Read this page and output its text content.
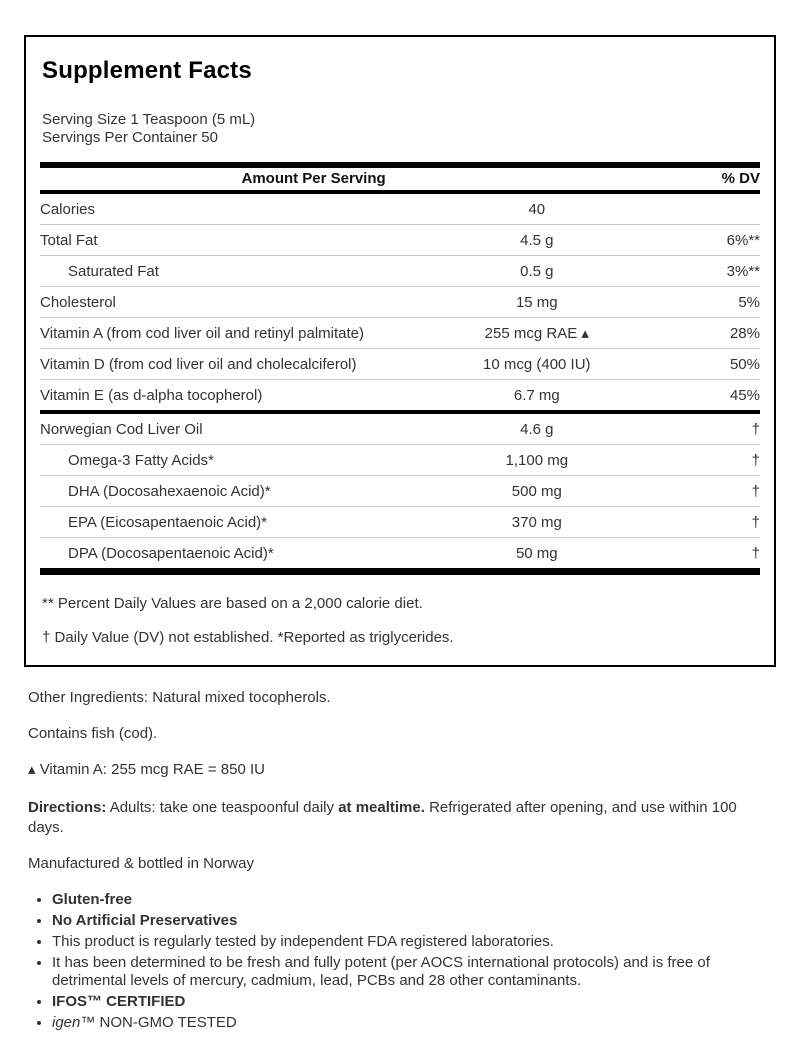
Supplement Facts

Serving Size 1 Teaspoon (5 mL)

Servings Per Container 50

Amount Per Serving	% DV
Calories	40
Total Fat	4.5 g	6%**
Saturated Fat	0.5 g	3%**
Cholesterol	15 mg	5%
Vitamin A (from cod liver oil and retinyl palmitate)	255 mcg RAE ▴	28%
Vitamin D (from cod liver oil and cholecalciferol)	10 mcg (400 IU)	50%
Vitamin E (as d-alpha tocopherol)	6.7 mg	45%
Norwegian Cod Liver Oil	4.6 g	†
Omega-3 Fatty Acids*	1,100 mg	†
DHA (Docosahexaenoic Acid)*	500 mg	†
EPA (Eicosapentaenoic Acid)*	370 mg	†
DPA (Docosapentaenoic Acid)*	50 mg	†

** Percent Daily Values are based on a 2,000 calorie diet.

† Daily Value (DV) not established. *Reported as triglycerides.

Other Ingredients: Natural mixed tocopherols.

Contains fish (cod).

▴ Vitamin A: 255 mcg RAE = 850 IU

Directions: Adults: take one teaspoonful daily at mealtime. Refrigerated after opening, and use within 100 days.

Manufactured & bottled in Norway

• Gluten-free
• No Artificial Preservatives
• This product is regularly tested by independent FDA registered laboratories.
• It has been determined to be fresh and fully potent (per AOCS international protocols) and is free of detrimental levels of mercury, cadmium, lead, PCBs and 28 other contaminants.
• IFOS™ CERTIFIED
• igen™ NON-GMO TESTED
